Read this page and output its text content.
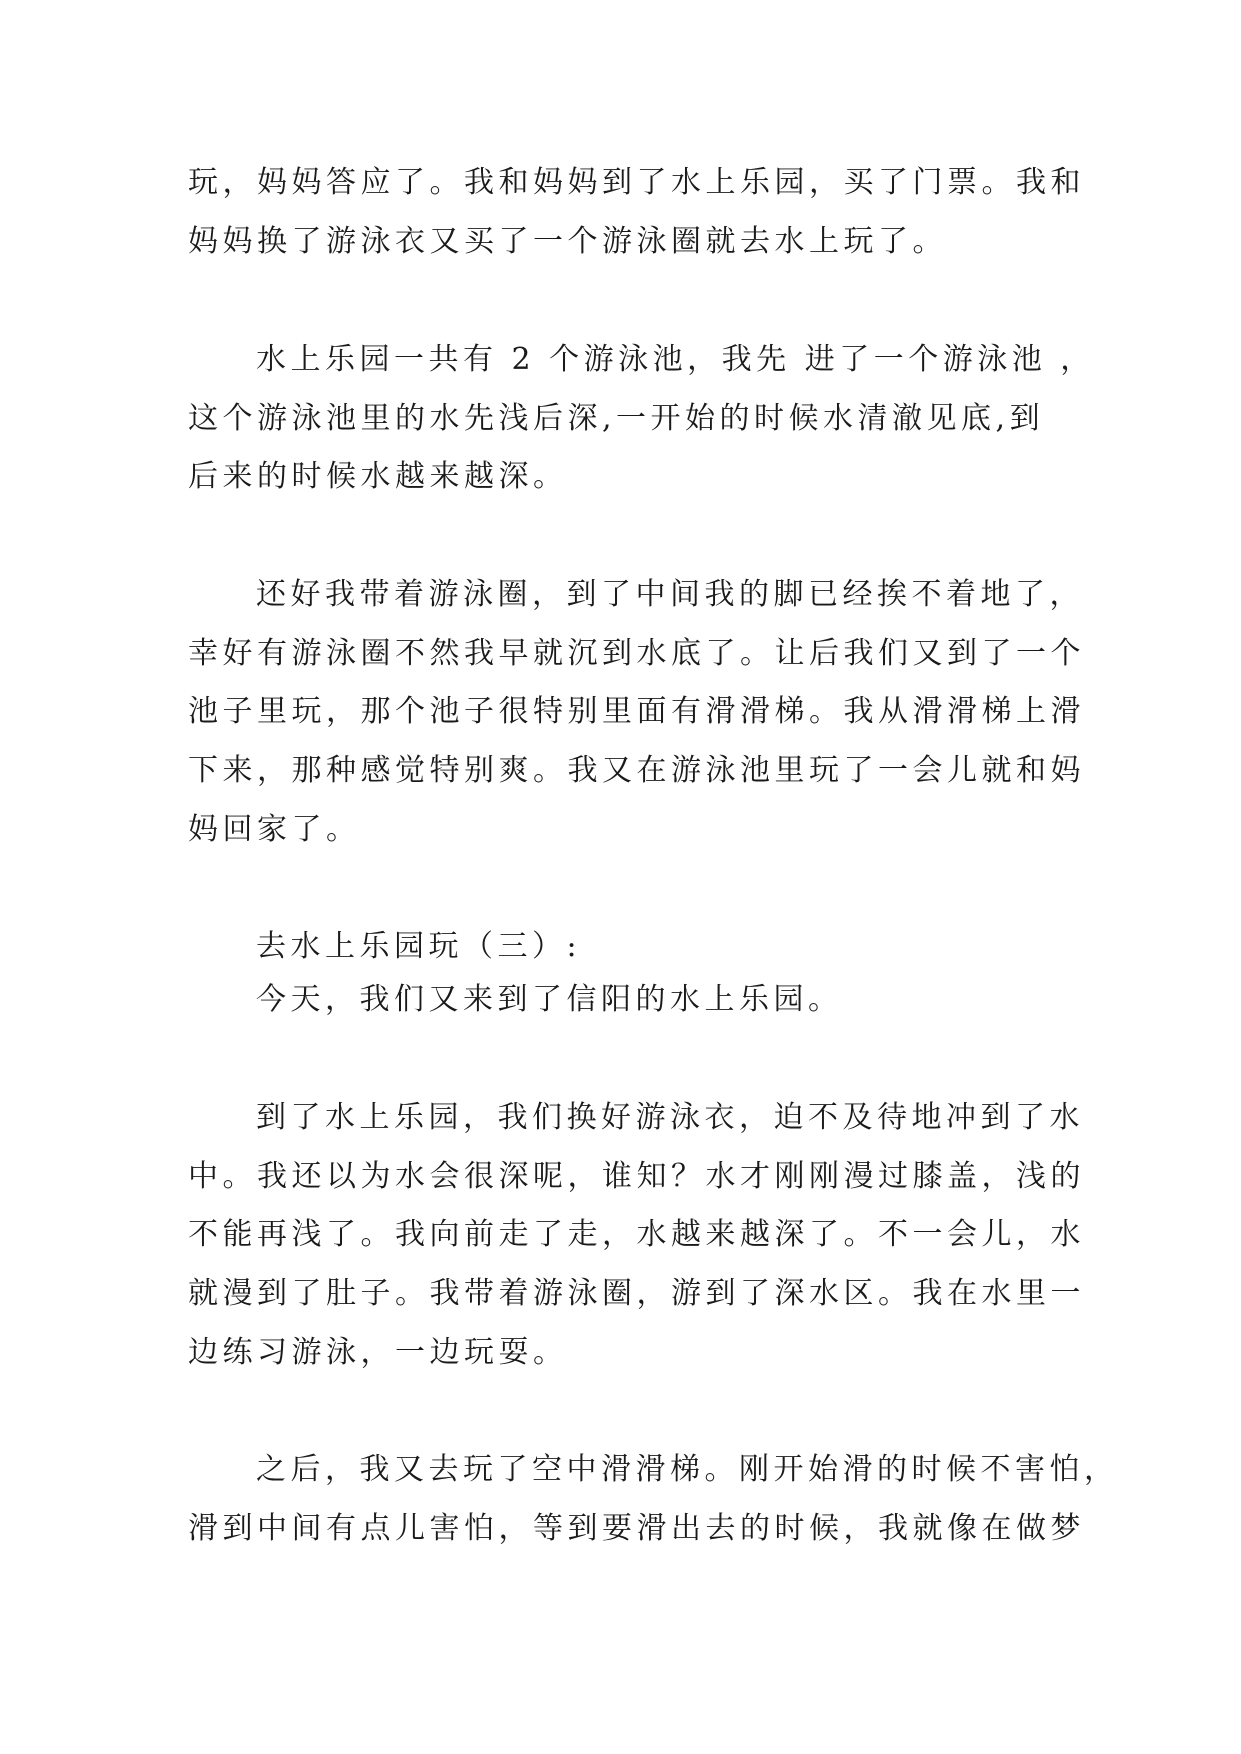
玩，妈妈答应了。我和妈妈到了水上乐园，买了门票。我和
妈妈换了游泳衣又买了一个游泳圈就去水上玩了。
水上乐园一共有 2 个游泳池，我先 进了一个游泳池 ，
这个游泳池里的水先浅后深,一开始的时候水清澈见底,到
后来的时候水越来越深。
还好我带着游泳圈，到了中间我的脚已经挨不着地了，
幸好有游泳圈不然我早就沉到水底了。让后我们又到了一个
池子里玩，那个池子很特别里面有滑滑梯。我从滑滑梯上滑
下来，那种感觉特别爽。我又在游泳池里玩了一会儿就和妈
妈回家了。
去水上乐园玩（三）:
今天，我们又来到了信阳的水上乐园。
到了水上乐园，我们换好游泳衣，迫不及待地冲到了水
中。我还以为水会很深呢，谁知？水才刚刚漫过膝盖，浅的
不能再浅了。我向前走了走，水越来越深了。不一会儿，水
就漫到了肚子。我带着游泳圈，游到了深水区。我在水里一
边练习游泳，一边玩耍。
之后，我又去玩了空中滑滑梯。刚开始滑的时候不害怕，
滑到中间有点儿害怕，等到要滑出去的时候，我就像在做梦
